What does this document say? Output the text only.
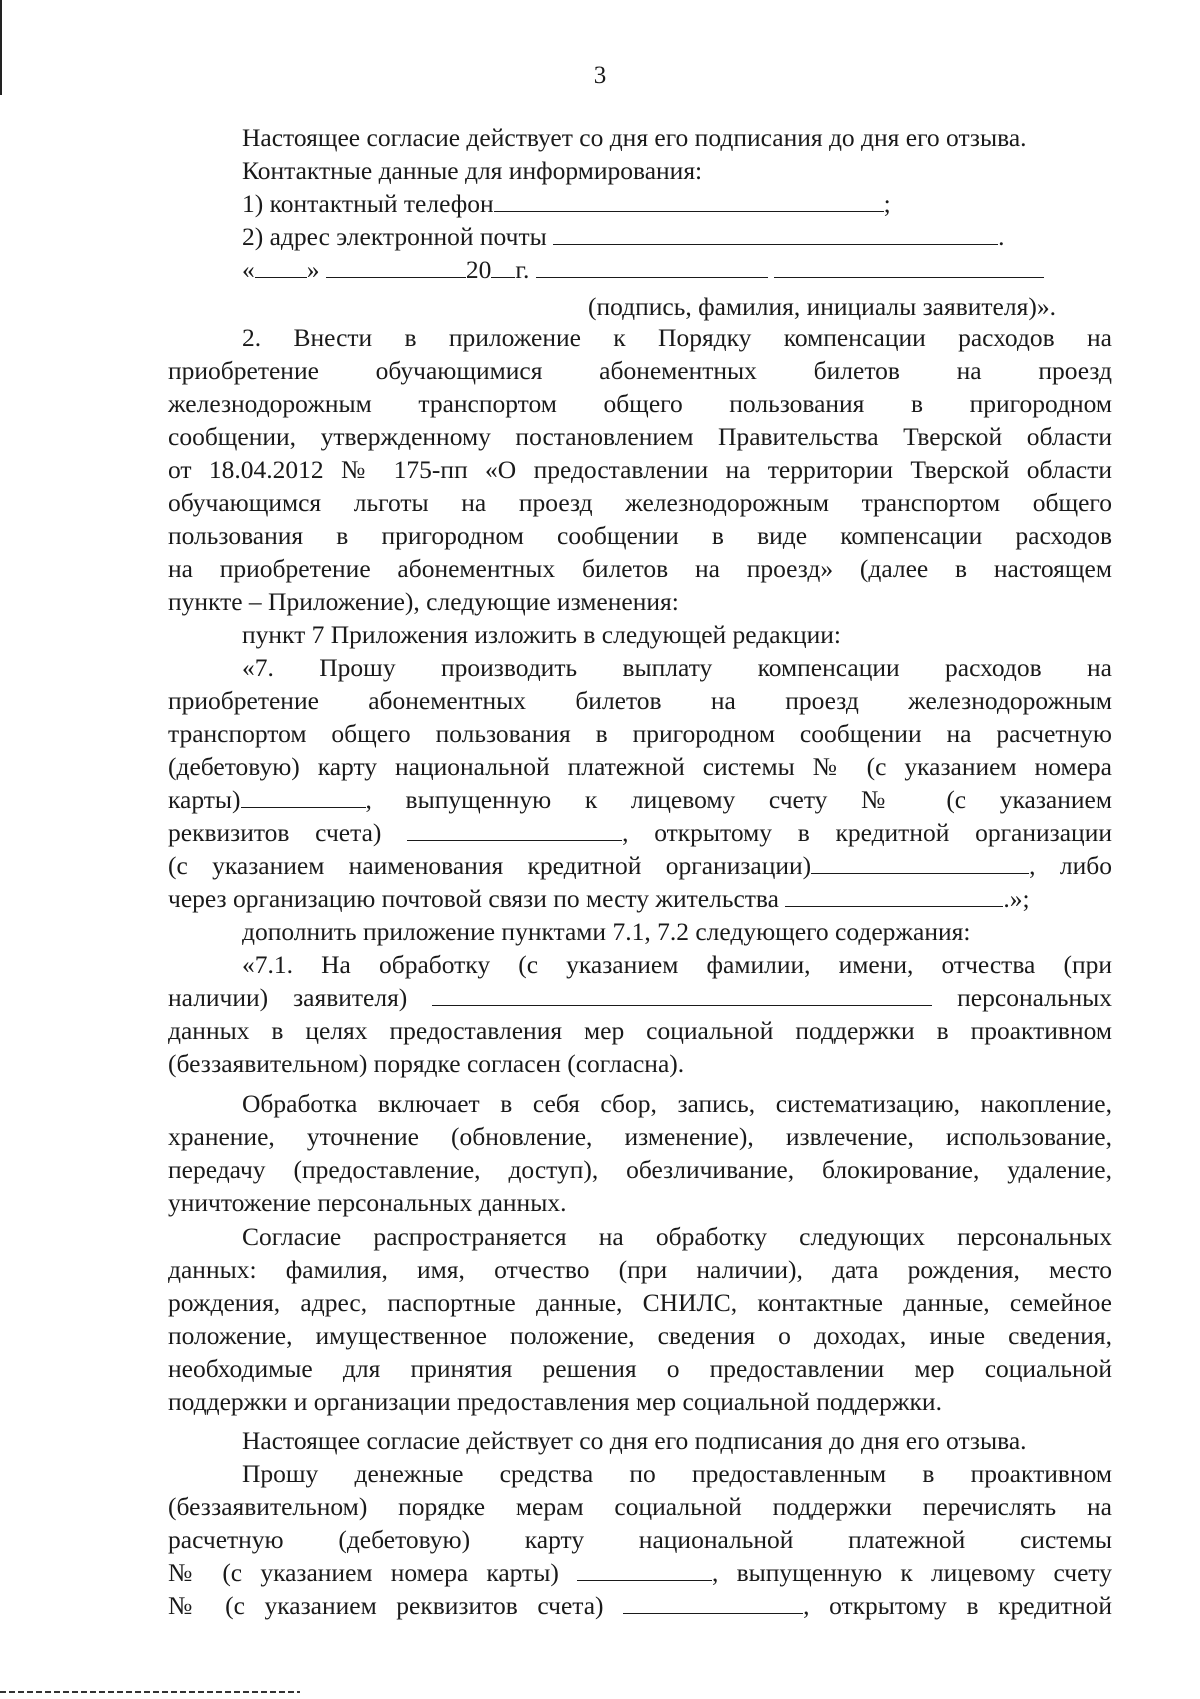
3
Настоящее согласие действует со дня его подписания до дня его отзыва.
Контактные данные для информирования:
1) контактный телефон	;
2) адрес электронной почты	.
« »	20 г.
(подпись, фамилия, инициалы заявителя)».
2. Внести в приложение к Порядку компенсации расходов на
приобретение обучающимися абонементных билетов на проезд
железнодорожным транспортом общего пользования в пригородном
сообщении, утвержденному постановлением Правительства Тверской области
от 18.04.2012 № 175-пп «О предоставлении на территории Тверской области
обучающимся льготы на проезд железнодорожным транспортом общего
пользования в пригородном сообщении в виде компенсации расходов
на приобретение абонементных билетов на проезд» (далее в настоящем
пункте – Приложение), следующие изменения:
пункт 7 Приложения изложить в следующей редакции:
«7. Прошу производить выплату компенсации расходов на
приобретение абонементных билетов на проезд железнодорожным
транспортом общего пользования в пригородном сообщении на расчетную
(дебетовую) карту национальной платежной системы № (с указанием номера
карты)	, выпущенную к лицевому счету № (с указанием
реквизитов счета)	, открытому в кредитной организации
(с указанием наименования кредитной организации)	, либо
через организацию почтовой связи по месту жительства	.»;
дополнить приложение пунктами 7.1, 7.2 следующего содержания:
«7.1. На обработку (с указанием фамилии, имени, отчества (при
наличии) заявителя)	персональных
данных в целях предоставления мер социальной поддержки в проактивном
(беззаявительном) порядке согласен (согласна).
Обработка включает в себя сбор, запись, систематизацию, накопление,
хранение, уточнение (обновление, изменение), извлечение, использование,
передачу (предоставление, доступ), обезличивание, блокирование, удаление,
уничтожение персональных данных.
Согласие распространяется на обработку следующих персональных
данных: фамилия, имя, отчество (при наличии), дата рождения, место
рождения, адрес, паспортные данные, СНИЛС, контактные данные, семейное
положение, имущественное положение, сведения о доходах, иные сведения,
необходимые для принятия решения о предоставлении мер социальной
поддержки и организации предоставления мер социальной поддержки.
Настоящее согласие действует со дня его подписания до дня его отзыва.
Прошу денежные средства по предоставленным в проактивном
(беззаявительном) порядке мерам социальной поддержки перечислять на
расчетную (дебетовую) карту национальной платежной системы
№ (с указанием номера карты)	, выпущенную к лицевому счету
№ (с указанием реквизитов счета)	, открытому в кредитной
